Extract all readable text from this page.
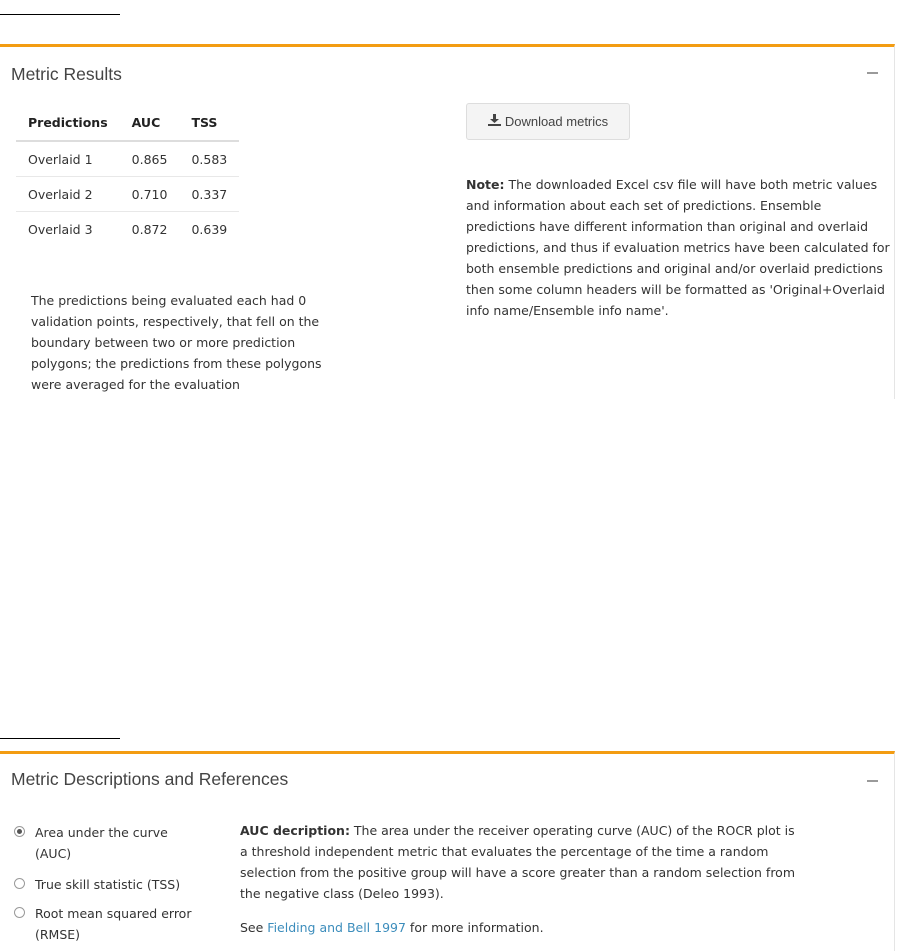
Metric Results
Predictions	AUC	TSS
Overlaid 1	0.865	0.583
Overlaid 2	0.710	0.337
Overlaid 3	0.872	0.639
The predictions being evaluated each had 0 validation points, respectively, that fell on the boundary between two or more prediction polygons; the predictions from these polygons were averaged for the evaluation
Note: The downloaded Excel csv file will have both metric values and information about each set of predictions. Ensemble predictions have different information than original and overlaid predictions, and thus if evaluation metrics have been calculated for both ensemble predictions and original and/or overlaid predictions then some column headers will be formatted as 'Original+Overlaid info name/Ensemble info name'.
Download metrics
Metric Descriptions and References
Area under the curve (AUC)
True skill statistic (TSS)
Root mean squared error (RMSE)
AUC decription: The area under the receiver operating curve (AUC) of the ROCR plot is a threshold independent metric that evaluates the percentage of the time a random selection from the positive group will have a score greater than a random selection from the negative class (Deleo 1993).
See Fielding and Bell 1997 for more information.
